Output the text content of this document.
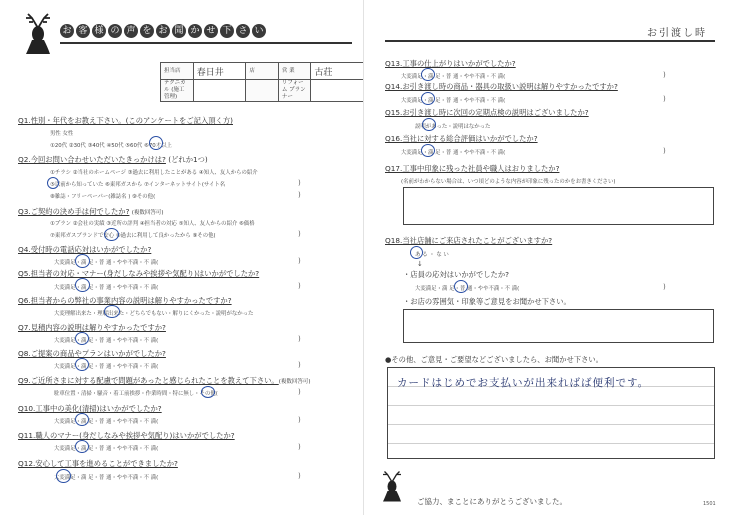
お 客 様 の 声 を お 聞 か せ 下 さ い
担当店	春日井	店	営 業	古荘
テクニカル (施工管理)			リフォーム プランナー	
Q1.性別・年代をお教え下さい。(このアンケートをご記入頂く方)
男性 女性
①20代 ②30代 ③40代 ④50代 ⑤60代 ⑥70才以上
Q2.今回お問い合わせいただいたきっかけは? (どれか1つ)
①チラシ ②当社のホームページ ③過去に利用したことがある ④知人、友人からの紹介
⑤以前から知っていた ⑥東邦ガスから ⑦インターネットサイト(サイト名	)
⑧雑誌・フリーペーパー(雑誌名 ) ⑨その他(	)
Q3.ご契約の決め手は何でしたか? (複数回答可)
①プラン ②会社の実績 ③近所の評判 ④担当者の対応 ⑤知人、友人からの紹介 ⑥価格
⑦東邦ガスブランドで安心 ⑧過去に利用して良かったから ⑨その他(	)
Q4.受付時の電話応対はいかがでしたか?
大変満足・満 足・普 通・やや不満・不 満(	)
Q5.担当者の対応・マナー(身だしなみや挨拶や気配り)はいかがでしたか?
大変満足・満 足・普 通・やや不満・不 満(	)
Q6.担当者からの弊社の事業内容の説明は解りやすかったですか?
大変理解出来た・理解出来た・どちらでもない・解りにくかった・説明がなかった
Q7.見積内容の説明は解りやすかったですか?
大変満足・満 足・普 通・やや不満・不 満(	)
Q8.ご提案の商品やプランはいかがでしたか?
大変満足・満 足・普 通・やや不満・不 満(	)
Q9.ご近所さまに対する配慮で問題があったと感じられたことを教えて下さい。(複数回答可)
駐車位置・清掃・騒音・着工前挨拶・作業時間・特に無し・その他(	)
Q10.工事中の美化(清掃)はいかがでしたか?
大変満足・満 足・普 通・やや不満・不 満(	)
Q11.職人のマナー(身だしなみや挨拶や気配り)はいかがでしたか?
大変満足・満 足・普 通・やや不満・不 満(	)
Q12.安心して工事を進めることができましたか?
大変満足・満 足・普 通・やや不満・不 満(	)
お引渡し時
Q13.工事の仕上がりはいかがでしたか?
大変満足・満 足・普 通・やや不満・不 満(	)
Q14.お引き渡し時の商品・器具の取扱い説明は解りやすかったですか?
大変満足・満 足・普 通・やや不満・不 満(	)
Q15.お引き渡し時に次回の定期点検の説明はございましたか?
説明があった・説明はなかった
Q16.当社に対する総合評価はいかがでしたか?
大変満足・満 足・普 通・やや不満・不 満(	)
Q17.工事中印象に残った社員や職人はおりましたか?
(名前がわからない場合は、いつ頃どのような内容が印象に残ったのかをお書きください)
Q18.当社店舗にご来店されたことがございますか?
あ る ・ な い
↓
・店員の応対はいかがでしたか?
大変満足・満 足・普 通・やや不満・不 満(	)
・お店の雰囲気・印象等ご意見をお聞かせ下さい。
●その他、ご意見・ご要望などございましたら、お聞かせ下さい。
カードはじめでお支払いが出来ればば便利です。
ご協力、まことにありがとうございました。	1501
